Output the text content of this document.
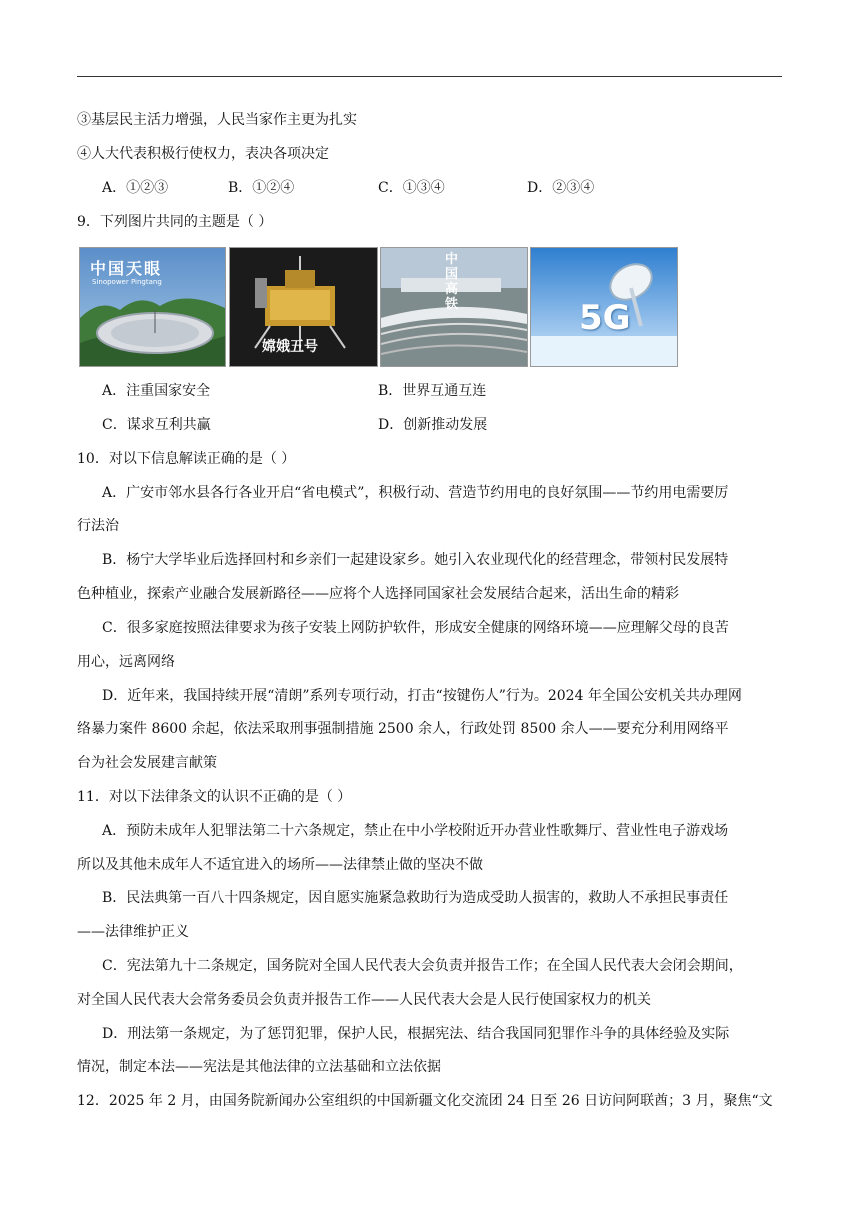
③基层民主活力增强，人民当家作主更为扎实
④人大代表积极行使权力，表决各项决定
A．①②③	B．①②④	C．①③④	D．②③④
9．下列图片共同的主题是（ ）
中国天眼
Sinopower Pingtang
嫦娥五号
中国高铁	5G
A．注重国家安全	B．世界互通互连
C．谋求互利共赢	D．创新推动发展
10．对以下信息解读正确的是（ ）
A．广安市邻水县各行各业开启“省电模式”，积极行动、营造节约用电的良好氛围——节约用电需要厉
行法治
B．杨宁大学毕业后选择回村和乡亲们一起建设家乡。她引入农业现代化的经营理念，带领村民发展特
色种植业，探索产业融合发展新路径——应将个人选择同国家社会发展结合起来，活出生命的精彩
C．很多家庭按照法律要求为孩子安装上网防护软件，形成安全健康的网络环境——应理解父母的良苦
用心，远离网络
D．近年来，我国持续开展“清朗”系列专项行动，打击“按键伤人”行为。2024 年全国公安机关共办理网
络暴力案件 8600 余起，依法采取刑事强制措施 2500 余人，行政处罚 8500 余人——要充分利用网络平
台为社会发展建言献策
11．对以下法律条文的认识不正确的是（ ）
A．预防未成年人犯罪法第二十六条规定，禁止在中小学校附近开办营业性歌舞厅、营业性电子游戏场
所以及其他未成年人不适宜进入的场所——法律禁止做的坚决不做
B．民法典第一百八十四条规定，因自愿实施紧急救助行为造成受助人损害的，救助人不承担民事责任
——法律维护正义
C．宪法第九十二条规定，国务院对全国人民代表大会负责并报告工作；在全国人民代表大会闭会期间，
对全国人民代表大会常务委员会负责并报告工作——人民代表大会是人民行使国家权力的机关
D．刑法第一条规定，为了惩罚犯罪，保护人民，根据宪法、结合我国同犯罪作斗争的具体经验及实际
情况，制定本法——宪法是其他法律的立法基础和立法依据
12．2025 年 2 月，由国务院新闻办公室组织的中国新疆文化交流团 24 日至 26 日访问阿联酋；3 月，聚焦“文
